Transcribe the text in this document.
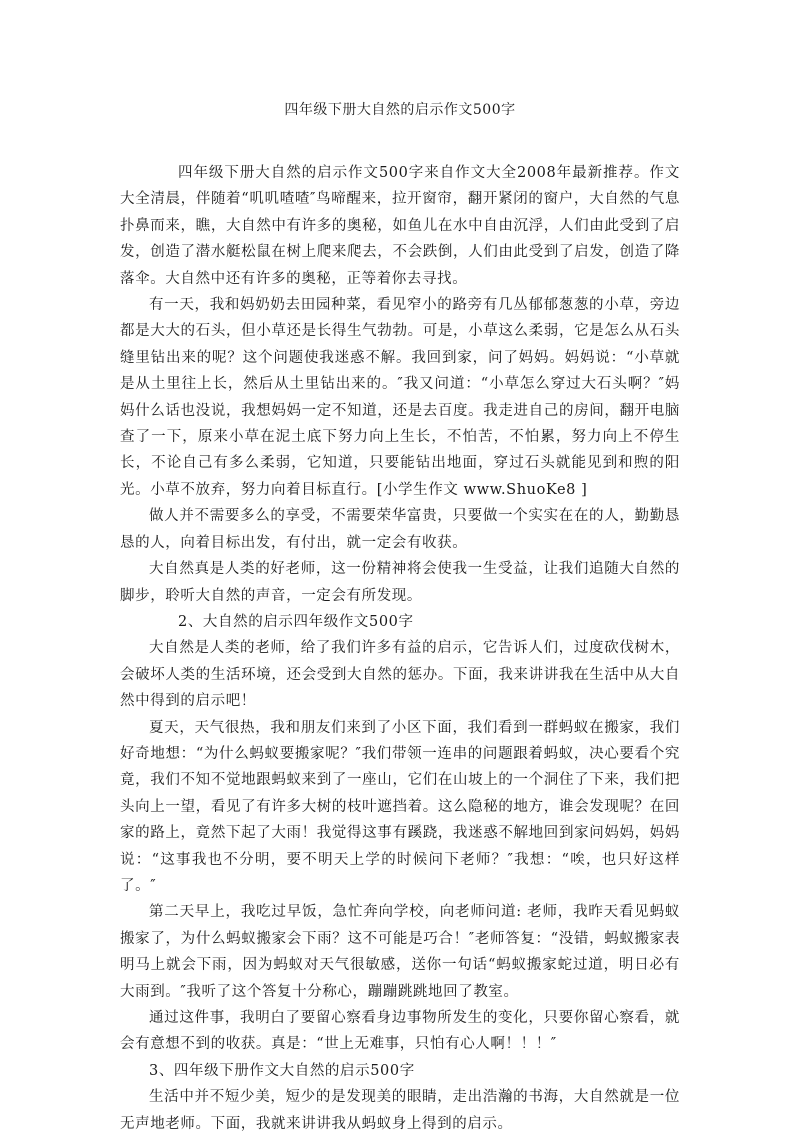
四年级下册大自然的启示作文500字

四年级下册大自然的启示作文500字来自作文大全2008年最新推荐。作文大全清晨，伴随着“叽叽喳喳″鸟啼醒来，拉开窗帘，翻开紧闭的窗户，大自然的气息扑鼻而来，瞧，大自然中有许多的奥秘，如鱼儿在水中自由沉浮，人们由此受到了启发，创造了潜水艇松鼠在树上爬来爬去，不会跌倒，人们由此受到了启发，创造了降落伞。大自然中还有许多的奥秘，正等着你去寻找。

有一天，我和妈奶奶去田园种菜，看见窄小的路旁有几丛郁郁葱葱的小草，旁边都是大大的石头，但小草还是长得生气勃勃。可是，小草这么柔弱，它是怎么从石头缝里钻出来的呢？这个问题使我迷惑不解。我回到家，问了妈妈。妈妈说：“小草就是从土里往上长，然后从土里钻出来的。″我又问道：“小草怎么穿过大石头啊？″妈妈什么话也没说，我想妈妈一定不知道，还是去百度。我走进自己的房间，翻开电脑查了一下，原来小草在泥土底下努力向上生长，不怕苦，不怕累，努力向上不停生长，不论自己有多么柔弱，它知道，只要能钻出地面，穿过石头就能见到和煦的阳光。小草不放弃，努力向着目标直行。[小学生作文 www.ShuoKe8 ]

做人并不需要多么的享受，不需要荣华富贵，只要做一个实实在在的人，勤勤恳恳的人，向着目标出发，有付出，就一定会有收获。

大自然真是人类的好老师，这一份精神将会使我一生受益，让我们追随大自然的脚步，聆听大自然的声音，一定会有所发现。

2、大自然的启示四年级作文500字

大自然是人类的老师，给了我们许多有益的启示，它告诉人们，过度砍伐树木，会破坏人类的生活环境，还会受到大自然的惩办。下面，我来讲讲我在生活中从大自然中得到的启示吧！

夏天，天气很热，我和朋友们来到了小区下面，我们看到一群蚂蚁在搬家，我们好奇地想：“为什么蚂蚁要搬家呢？″我们带领一连串的问题跟着蚂蚁，决心要看个究竟，我们不知不觉地跟蚂蚁来到了一座山，它们在山坡上的一个洞住了下来，我们把头向上一望，看见了有许多大树的枝叶遮挡着。这么隐秘的地方，谁会发现呢？在回家的路上，竟然下起了大雨！我觉得这事有蹊跷，我迷惑不解地回到家问妈妈，妈妈说：“这事我也不分明，要不明天上学的时候问下老师？″我想：“唉，也只好这样了。″

第二天早上，我吃过早饭，急忙奔向学校，向老师问道: 老师，我昨天看见蚂蚁搬家了，为什么蚂蚁搬家会下雨？这不可能是巧合！″老师答复：“没错，蚂蚁搬家表明马上就会下雨，因为蚂蚁对天气很敏感，送你一句话“蚂蚁搬家蛇过道，明日必有大雨到。″我听了这个答复十分称心，蹦蹦跳跳地回了教室。

通过这件事，我明白了要留心察看身边事物所发生的变化，只要你留心察看，就会有意想不到的收获。真是：“世上无难事，只怕有心人啊！！！″

3、四年级下册作文大自然的启示500字

生活中并不短少美，短少的是发现美的眼睛，走出浩瀚的书海，大自然就是一位无声地老师。下面，我就来讲讲我从蚂蚁身上得到的启示。
